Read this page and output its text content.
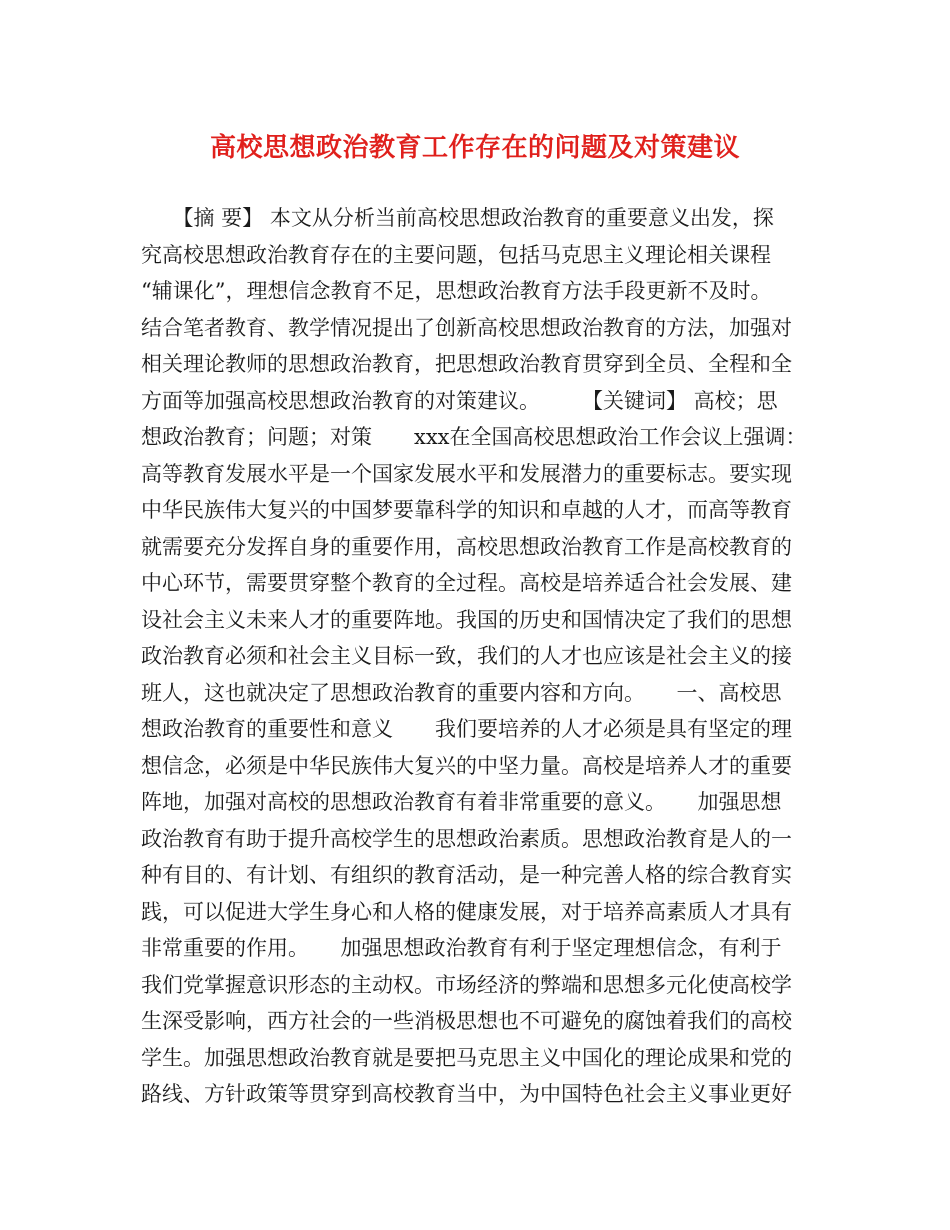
高校思想政治教育工作存在的问题及对策建议
　　【摘 要】 本文从分析当前高校思想政治教育的重要意义出发，探
究高校思想政治教育存在的主要问题，包括马克思主义理论相关课程
“辅课化”，理想信念教育不足，思想政治教育方法手段更新不及时。
结合笔者教育、教学情况提出了创新高校思想政治教育的方法，加强对
相关理论教师的思想政治教育，把思想政治教育贯穿到全员、全程和全
方面等加强高校思想政治教育的对策建议。　　　【关键词】 高校；思
想政治教育；问题；对策　　xxx在全国高校思想政治工作会议上强调：
高等教育发展水平是一个国家发展水平和发展潜力的重要标志。要实现
中华民族伟大复兴的中国梦要靠科学的知识和卓越的人才，而高等教育
就需要充分发挥自身的重要作用，高校思想政治教育工作是高校教育的
中心环节，需要贯穿整个教育的全过程。高校是培养适合社会发展、建
设社会主义未来人才的重要阵地。我国的历史和国情决定了我们的思想
政治教育必须和社会主义目标一致，我们的人才也应该是社会主义的接
班人，这也就决定了思想政治教育的重要内容和方向。　　一、高校思
想政治教育的重要性和意义　　我们要培养的人才必须是具有坚定的理
想信念，必须是中华民族伟大复兴的中坚力量。高校是培养人才的重要
阵地，加强对高校的思想政治教育有着非常重要的意义。　　加强思想
政治教育有助于提升高校学生的思想政治素质。思想政治教育是人的一
种有目的、有计划、有组织的教育活动，是一种完善人格的综合教育实
践，可以促进大学生身心和人格的健康发展，对于培养高素质人才具有
非常重要的作用。　　加强思想政治教育有利于坚定理想信念，有利于
我们党掌握意识形态的主动权。市场经济的弊端和思想多元化使高校学
生深受影响，西方社会的一些消极思想也不可避免的腐蚀着我们的高校
学生。加强思想政治教育就是要把马克思主义中国化的理论成果和党的
路线、方针政策等贯穿到高校教育当中，为中国特色社会主义事业更好
